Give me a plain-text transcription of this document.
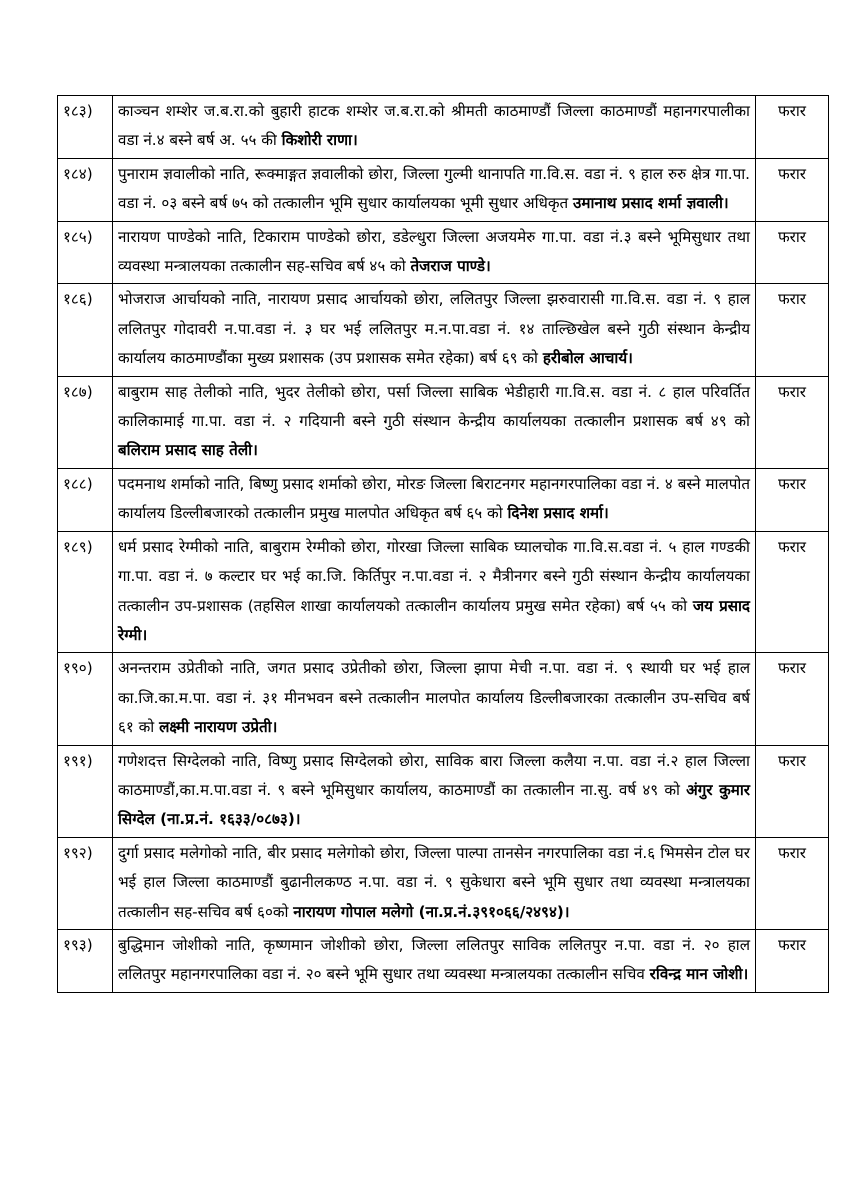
१८३)	काञ्चन शम्शेर ज.ब.रा.को बुहारी हाटक शम्शेर ज.ब.रा.को श्रीमती काठमाण्डौं जिल्ला काठमाण्डौं महानगरपालीका वडा नं.४ बस्ने बर्ष अ. ५५ की किशोरी राणा।	फरार
१८४)	पुनाराम ज्ञवालीको नाति, रूक्माङ्गत ज्ञवालीको छोरा, जिल्ला गुल्मी थानापति गा.वि.स. वडा नं. ९ हाल रुरु क्षेत्र गा.पा. वडा नं. ०३ बस्ने बर्ष ७५ को तत्कालीन भूमि सुधार कार्यालयका भूमी सुधार अधिकृत उमानाथ प्रसाद शर्मा ज्ञवाली।	फरार
१८५)	नारायण पाण्डेको नाति, टिकाराम पाण्डेको छोरा, डडेल्धुरा जिल्ला अजयमेरु गा.पा. वडा नं.३ बस्ने भूमिसुधार तथा व्यवस्था मन्त्रालयका तत्कालीन सह-सचिव बर्ष ४५ को तेजराज पाण्डे।	फरार
१८६)	भोजराज आर्चायको नाति, नारायण प्रसाद आर्चायको छोरा, ललितपुर जिल्ला झरुवारासी गा.वि.स. वडा नं. ९ हाल ललितपुर गोदावरी न.पा.वडा नं. ३ घर भई ललितपुर म.न.पा.वडा नं. १४ ताल्छिखेल बस्ने गुठी संस्थान केन्द्रीय कार्यालय काठमाण्डौंका मुख्य प्रशासक (उप प्रशासक समेत रहेका) बर्ष ६९ को हरीबोल आचार्य।	फरार
१८७)	बाबुराम साह तेलीको नाति, भुदर तेलीको छोरा, पर्सा जिल्ला साबिक भेडीहारी गा.वि.स. वडा नं. ८ हाल परिवर्तित कालिकामाई गा.पा. वडा नं. २ गदियानी बस्ने गुठी संस्थान केन्द्रीय कार्यालयका तत्कालीन प्रशासक बर्ष ४९ को बलिराम प्रसाद साह तेली।	फरार
१८८)	पदमनाथ शर्माको नाति, बिष्णु प्रसाद शर्माको छोरा, मोरङ जिल्ला बिराटनगर महानगरपालिका वडा नं. ४ बस्ने मालपोत कार्यालय डिल्लीबजारको तत्कालीन प्रमुख मालपोत अधिकृत बर्ष ६५ को दिनेश प्रसाद शर्मा।	फरार
१८९)	धर्म प्रसाद रेग्मीको नाति, बाबुराम रेग्मीको छोरा, गोरखा जिल्ला साबिक घ्यालचोक गा.वि.स.वडा नं. ५ हाल गण्डकी गा.पा. वडा नं. ७ कल्टार घर भई का.जि. किर्तिपुर न.पा.वडा नं. २ मैत्रीनगर बस्ने गुठी संस्थान केन्द्रीय कार्यालयका तत्कालीन उप-प्रशासक (तहसिल शाखा कार्यालयको तत्कालीन कार्यालय प्रमुख समेत रहेका) बर्ष ५५ को जय प्रसाद रेग्मी।	फरार
१९०)	अनन्तराम उप्रेतीको नाति, जगत प्रसाद उप्रेतीको छोरा, जिल्ला झापा मेची न.पा. वडा नं. ९ स्थायी घर भई हाल का.जि.का.म.पा. वडा नं. ३१ मीनभवन बस्ने तत्कालीन मालपोत कार्यालय डिल्लीबजारका तत्कालीन उप-सचिव बर्ष ६१ को लक्ष्मी नारायण उप्रेती।	फरार
१९१)	गणेशदत्त सिग्देलको नाति, विष्णु प्रसाद सिग्देलको छोरा, साविक बारा जिल्ला कलैया न.पा. वडा नं.२ हाल जिल्ला काठमाण्डौं,का.म.पा.वडा नं. ९ बस्ने भूमिसुधार कार्यालय, काठमाण्डौं का तत्कालीन ना.सु. वर्ष ४९ को अंगुर कुमार सिग्देल (ना.प्र.नं. १६३३/०८७३)।	फरार
१९२)	दुर्गा प्रसाद मलेगोको नाति, बीर प्रसाद मलेगोको छोरा, जिल्ला पाल्पा तानसेन नगरपालिका वडा नं.६ भिमसेन टोल घर भई हाल जिल्ला काठमाण्डौं बुढानीलकण्ठ न.पा. वडा नं. ९ सुकेधारा बस्ने भूमि सुधार तथा व्यवस्था मन्त्रालयका तत्कालीन सह-सचिव बर्ष ६०को नारायण गोपाल मलेगो (ना.प्र.नं.३९१०६६/२४९४)।	फरार
१९३)	बुद्धिमान जोशीको नाति, कृष्णमान जोशीको छोरा, जिल्ला ललितपुर साविक ललितपुर न.पा. वडा नं. २० हाल ललितपुर महानगरपालिका वडा नं. २० बस्ने भूमि सुधार तथा व्यवस्था मन्त्रालयका तत्कालीन सचिव रविन्द्र मान जोशी।	फरार
